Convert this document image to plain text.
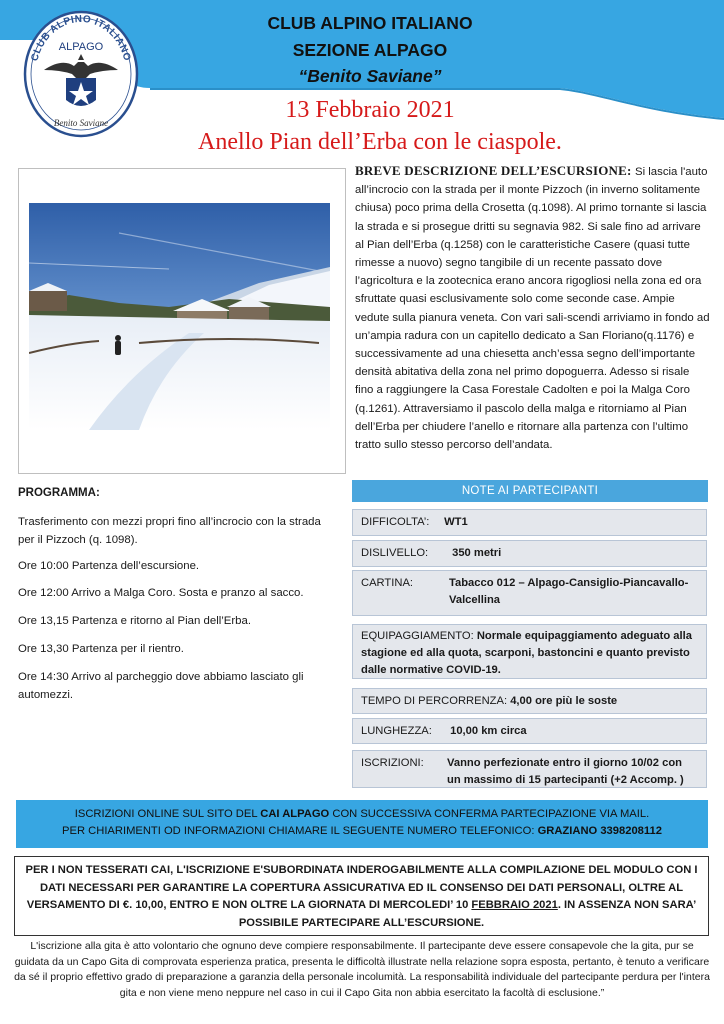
CLUB ALPINO ITALIANO
ALPAGO
Benito Saviane
CLUB ALPINO ITALIANO
SEZIONE ALPAGO
“Benito Saviane”
13 Febbraio 2021
Anello Pian dell’Erba con le ciaspole.
BREVE DESCRIZIONE DELL’ESCURSIONE: Si lascia l'auto all’incrocio con la strada per il monte Pizzoch (in inverno solitamente chiusa) poco prima della Crosetta (q.1098). Al primo tornante si lascia la strada e si prosegue dritti su segnavia 982. Si sale fino ad arrivare al Pian dell’Erba (q.1258) con le caratteristiche Casere (quasi tutte rimesse a nuovo) segno tangibile di un recente passato dove l’agricoltura e la zootecnica erano ancora rigogliosi nella zona ed ora sfruttate quasi esclusivamente solo come seconde case. Ampie vedute sulla pianura veneta. Con vari sali-scendi arriviamo in fondo ad un’ampia radura con un capitello dedicato a San Floriano(q.1176) e successivamente ad una chiesetta anch’essa segno dell’importante densità abitativa della zona nel primo dopoguerra. Adesso si risale fino a raggiungere la Casa Forestale Cadolten e poi la Malga Coro (q.1261). Attraversiamo il pascolo della malga e ritorniamo al Pian dell’Erba per chiudere l’anello e ritornare alla partenza con l’ultimo tratto sullo stesso percorso dell’andata.
PROGRAMMA:
Trasferimento con mezzi propri fino all’incrocio con la strada per il Pizzoch (q. 1098).
Ore 10:00 Partenza dell’escursione.
Ore 12:00 Arrivo a Malga Coro. Sosta e pranzo al sacco.
Ore 13,15 Partenza e ritorno al Pian dell’Erba.
Ore 13,30 Partenza per il rientro.
Ore 14:30 Arrivo al parcheggio dove abbiamo lasciato gli automezzi.
NOTE AI PARTECIPANTI
DIFFICOLTA’: WT1
DISLIVELLO: 350 metri
CARTINA:	Tabacco 012 – Alpago-Cansiglio-Piancavallo-Valcellina
EQUIPAGGIAMENTO: Normale equipaggiamento adeguato alla stagione ed alla quota, scarponi, bastoncini e quanto previsto dalle normative COVID-19.
TEMPO DI PERCORRENZA: 4,00 ore più le soste
LUNGHEZZA: 10,00 km circa
ISCRIZIONI:	Vanno perfezionate entro il giorno 10/02 con un massimo di 15 partecipanti (+2 Accomp. )
ISCRIZIONI ONLINE SUL SITO DEL CAI ALPAGO CON SUCCESSIVA CONFERMA PARTECIPAZIONE VIA MAIL.
PER CHIARIMENTI OD INFORMAZIONI CHIAMARE IL SEGUENTE NUMERO TELEFONICO: GRAZIANO 3398208112
PER I NON TESSERATI CAI, L'ISCRIZIONE E'SUBORDINATA INDEROGABILMENTE ALLA COMPILAZIONE DEL MODULO CON I DATI NECESSARI PER GARANTIRE LA COPERTURA ASSICURATIVA ED IL CONSENSO DEI DATI PERSONALI, OLTRE AL VERSAMENTO DI €. 10,00, ENTRO E NON OLTRE LA GIORNATA DI MERCOLEDI’ 10 FEBBRAIO 2021. IN ASSENZA NON SARA’ POSSIBILE PARTECIPARE ALL’ESCURSIONE.
L'iscrizione alla gita è atto volontario che ognuno deve compiere responsabilmente. Il partecipante deve essere consapevole che la gita, pur se guidata da un Capo Gita di comprovata esperienza pratica, presenta le difficoltà illustrate nella relazione sopra esposta, pertanto, è tenuto a verificare da sé il proprio effettivo grado di preparazione a garanzia della personale incolumità. La responsabilità individuale del partecipante perdura per l'intera gita e non viene meno neppure nel caso in cui il Capo Gita non abbia esercitato la facoltà di esclusione.”
